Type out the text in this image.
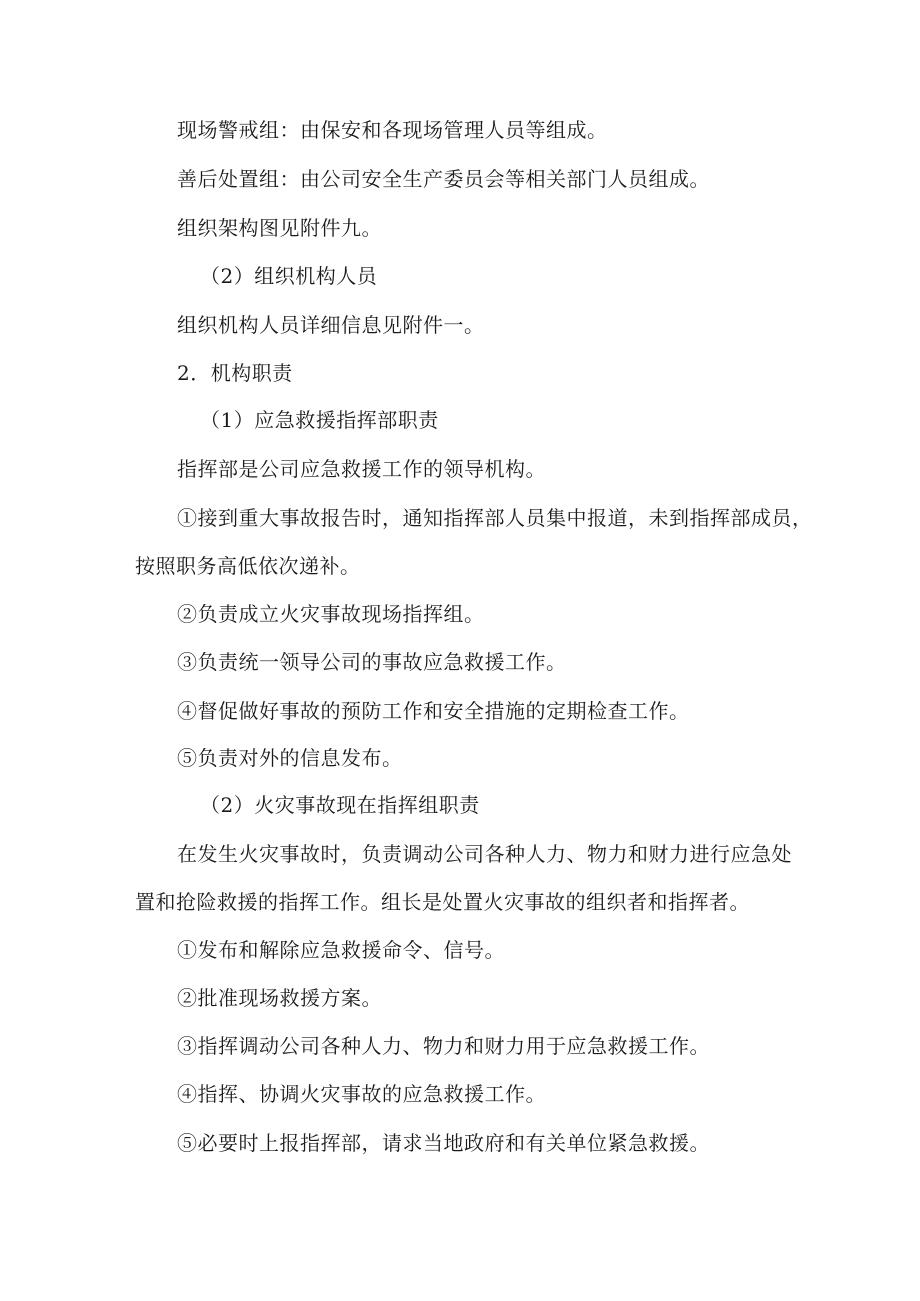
现场警戒组：由保安和各现场管理人员等组成。
善后处置组：由公司安全生产委员会等相关部门人员组成。
组织架构图见附件九。
（2）组织机构人员
组织机构人员详细信息见附件一。
2．机构职责
（1）应急救援指挥部职责
指挥部是公司应急救援工作的领导机构。
①接到重大事故报告时，通知指挥部人员集中报道，未到指挥部成员，
按照职务高低依次递补。
②负责成立火灾事故现场指挥组。
③负责统一领导公司的事故应急救援工作。
④督促做好事故的预防工作和安全措施的定期检查工作。
⑤负责对外的信息发布。
（2）火灾事故现在指挥组职责
在发生火灾事故时，负责调动公司各种人力、物力和财力进行应急处
置和抢险救援的指挥工作。组长是处置火灾事故的组织者和指挥者。
①发布和解除应急救援命令、信号。
②批准现场救援方案。
③指挥调动公司各种人力、物力和财力用于应急救援工作。
④指挥、协调火灾事故的应急救援工作。
⑤必要时上报指挥部，请求当地政府和有关单位紧急救援。
